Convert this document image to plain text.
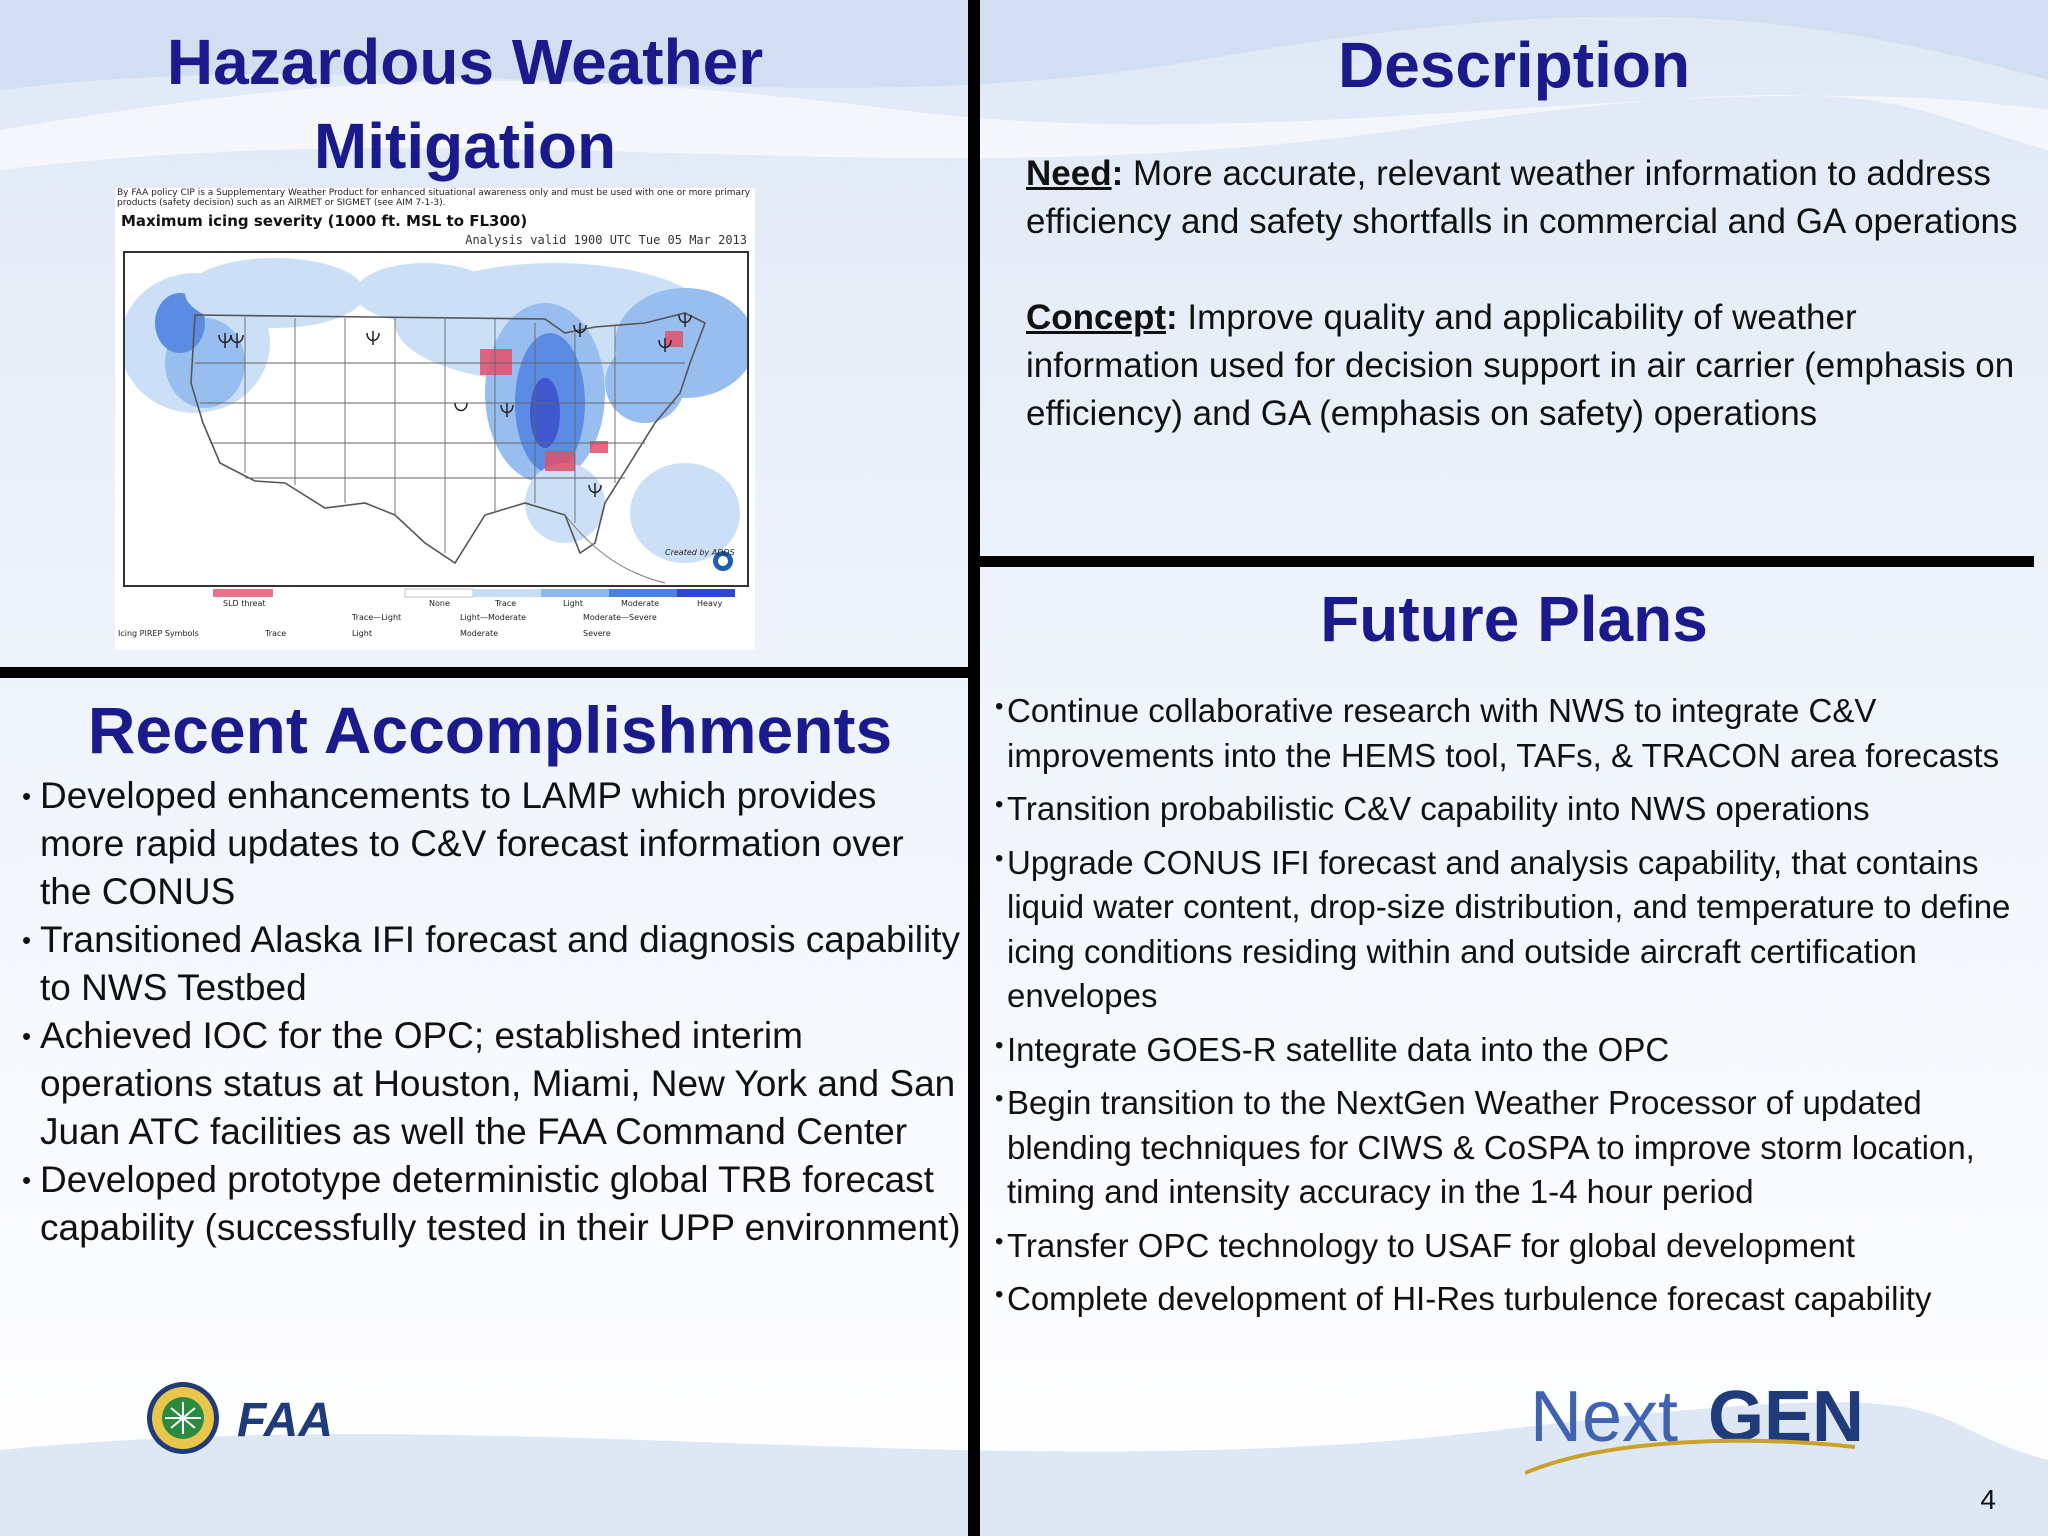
Hazardous Weather
Mitigation
By FAA policy CIP is a Supplementary Weather Product for enhanced situational awareness only and must be used with one or more primary products (safety decision) such as an AIRMET or SIGMET (see AIM 7-1-3).
Maximum icing severity (1000 ft. MSL to FL300)
Analysis valid 1900 UTC Tue 05 Mar 2013
Created by ADDS
SLD threat	None	Trace	Light	Moderate	Heavy
Icing PIREP Symbols	Trace
Trace—Light
Light
Light—Moderate
Moderate
Moderate—Severe
Severe
Description

Need: More accurate, relevant weather information to address efficiency and safety shortfalls in commercial and GA operations

Concept: Improve quality and applicability of weather information used for decision support in air carrier (emphasis on efficiency) and GA (emphasis on safety) operations

Recent Accomplishments
• Developed enhancements to LAMP which provides more rapid updates to C&V forecast information over the CONUS
• Transitioned Alaska IFI forecast and diagnosis capability to NWS Testbed
• Achieved IOC for the OPC; established interim operations status at Houston, Miami, New York and San Juan ATC facilities as well the FAA Command Center
• Developed prototype deterministic global TRB forecast capability (successfully tested in their UPP environment)
FAA
Future Plans
• Continue collaborative research with NWS to integrate C&V improvements into the HEMS tool, TAFs, & TRACON area forecasts
• Transition probabilistic C&V capability into NWS operations
• Upgrade CONUS IFI forecast and analysis capability, that contains liquid water content, drop-size distribution, and temperature to define icing conditions residing within and outside aircraft certification envelopes
• Integrate GOES-R satellite data into the OPC
• Begin transition to the NextGen Weather Processor of updated blending techniques for CIWS & CoSPA to improve storm location, timing and intensity accuracy in the 1-4 hour period
• Transfer OPC technology to USAF for global development
• Complete development of HI-Res turbulence forecast capability
Next GEN
4
